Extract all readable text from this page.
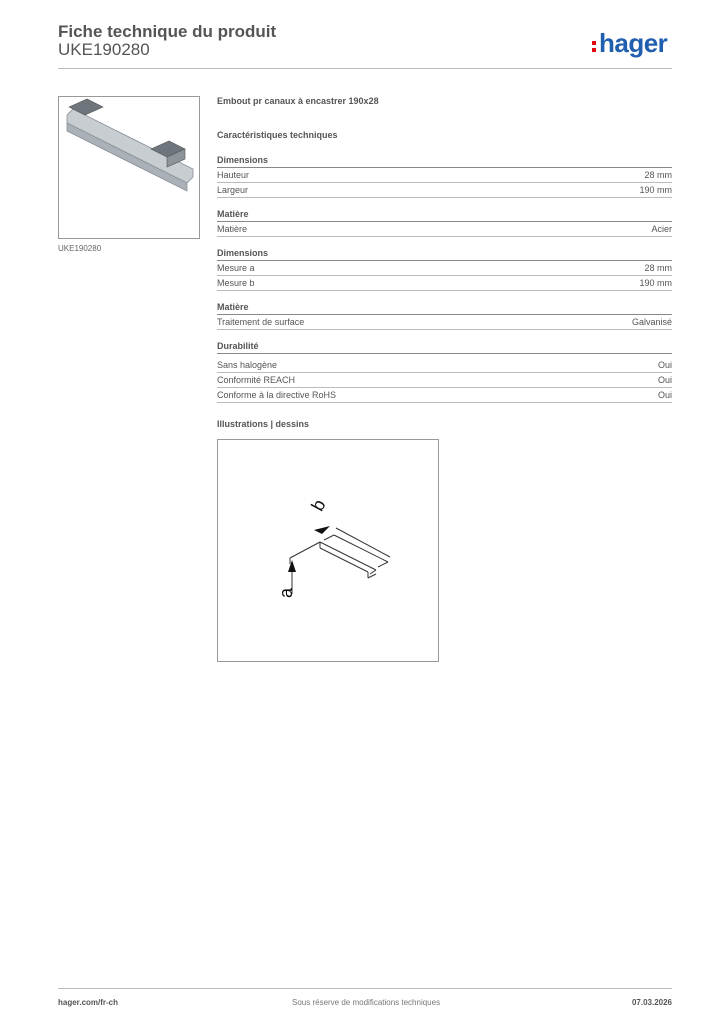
Fiche technique du produit
UKE190280	hager
UKE190280
Embout pr canaux à encastrer 190x28
Caractéristiques techniques
Dimensions
Hauteur	28 mm
Largeur	190 mm
Matière
Matière	Acier
Dimensions
Mesure a	28 mm
Mesure b	190 mm
Matière
Traitement de surface	Galvanisé
Durabilité
Sans halogène	Oui
Conformité REACH	Oui
Conforme à la directive RoHS	Oui
Illustrations | dessins
b
a
hager.com/fr-ch	Sous réserve de modifications techniques	07.03.2026
